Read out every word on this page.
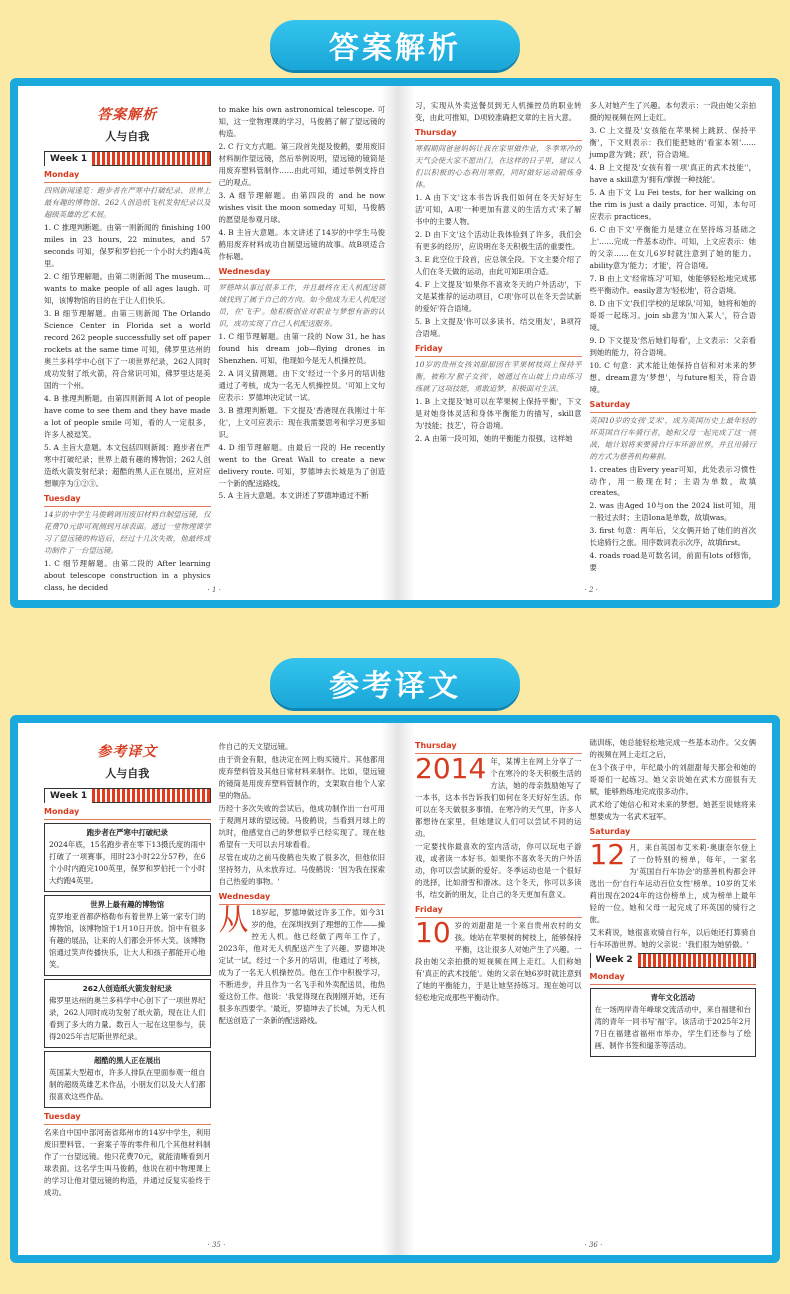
答案解析
答案解析
人与自我
Week 1
Monday

四则新闻速览：跑步者在严寒中打破纪录、世界上最有趣的博物馆、262人创造纸飞机发射纪录以及超级英雄的艺术展。

1. C 推理判断题。由第一则新闻的 finishing 100 miles in 23 hours, 22 minutes, and 57 seconds 可知，保罗和罗伯托一个小时大约跑4英里。

2. C 细节理解题。由第二则新闻 The museum... wants to make people of all ages laugh. 可知，该博物馆的目的在于让人们快乐。

3. B 细节理解题。由第三则新闻 The Orlando Science Center in Florida set a world record 262 people successfully set off paper rockets at the same time 可知，佛罗里达州的奥兰多科学中心创下了一项世界纪录，262人同时成功发射了纸火箭，符合常识可知，佛罗里达是美国的一个州。

4. B 推理判断题。由第四则新闻 A lot of people have come to see them and they have made a lot of people smile 可知，看的人一定很多，许多人被逗笑。

5. A 主旨大意题。本文包括四则新闻：跑步者在严寒中打破纪录；世界上最有趣的博物馆；262人创造纸火箭发射纪录；超酷的黑人正在展出，应对应想顺序为①②③。

Tuesday

14岁的中学生马俊鹤调用废旧材料自制望远镜，仅花费70元即可观测到月球表面。通过一堂物理课学习了望远镜的构造后，经过十几次失败，他最终成功制作了一台望远镜。

1. C 细节理解题。由第二段的 After learning about telescope construction in a physics class, he decided

to make his own astronomical telescope. 可知，这一堂物理课的学习，马俊鹤了解了望远镜的构造。

2. C 行文方式题。第三段首先提及俊鹤，要用废旧材料制作望远镜，然后举例说明，望远镜的镜筒是用废弃塑料管制作……由此可知，通过举例支持自己的观点。

3. A 细节理解题。由第四段的 and he now wishes visit the moon someday 可知，马俊鹤的愿望是参观月球。

4. B 主旨大意题。本文讲述了14岁的中学生马俊鹤用废弃材料成功自制望远镜的故事。故B项适合作标题。

Wednesday

罗德坤从事过很多工作，并且最终在无人机配送领域找到了属于自己的方向。如今他成为无人机配送员，在'飞手'。他积极创业对职业与梦想有新的认识，成功实现了自己人机配送服务。

1. C 细节理解题。由第一段的 Now 31, he has found his dream job—flying drones in Shenzhen. 可知，他现如今是无人机操控员。

2. A 词义猜测题。由下文'经过一个多月的培训他通过了考核，成为一名无人机操控员。'可知上文句应表示：罗德坤决定试一试。

3. B 推理判断题。下文提及'香港现在我刚过十年化'，上文可应表示：现在我需要思考和学习更多知识。

4. D 细节理解题。由最后一段的 He recently went to the Great Wall to create a new delivery route. 可知，罗德坤去长城是为了创造一个新的配送路线。

5. A 主旨大意题。本文讲述了罗德坤通过不断

· 1 ·

习，实现从外卖送餐员到无人机操控员的职业转变，由此可推知，D项较准确把文章的主旨大意。

Thursday

寒假期间爸爸妈妈让我在家里做作业，冬季寒冷的天气会使大家不愿出门，在这样的日子里，建议人们以积极的心态利用寒假，同时做好运动锻炼身体。

1. A 由下文'这本书告诉我们如何在冬天好好生活'可知，A项'一种更加有意义的生活方式'来了解书中的主要人物。

2. D 由下文'这个活动让我体验到了许多，我们会有更多的经历'，应说明在冬天积极生活的重要性。

3. E 此空位于段首，应总领全段。下文主要介绍了人们在冬天做的运动，由此可知E项合适。

4. F 上文提及'如果你不喜欢冬天的户外活动'，下文是某推荐的运动项目，C项'你可以在冬天尝试新的爱好'符合语境。

5. B 上文提及'你可以多读书、结交朋友'，B项符合语境。

Friday

10岁的贵州女孩刘甜甜因在苹果树枝间上保持平衡，被称为'猴子女孩'，她通过在山坡上自由练习练就了这项技能，勇敢追梦，积极面对生活。

1. B 上文提及'她可以在苹果树上保持平衡'，下文是对她身体灵活和身体平衡能力的描写，skill意为'技能；技艺'，符合语境。

2. A 由第一段可知，她的平衡能力很强，这样她

多人对她产生了兴趣。本句表示：一段由她父亲拍摄的短视频在网上走红。

3. C 上文提及'女孩能在苹果树上跳跃、保持平衡'，下文则表示：我们能把她的'看家本领'…… jump意为'跳；跃'，符合语境。

4. B 上文提及'女孩有着一项'真正的武术技能''，have a skill意为'拥有/掌握一种技能'。

5. A 由下文 Lu Fei tests, for her walking on the rim is just a daily practice. 可知，本句可应表示 practices。

6. C 由下文'平衡能力是建立在坚持练习基础之上'……完成一件基本动作。可知，上文应表示：她的父亲……在女儿6岁时就注意到了她的能力。ability意为'能力；才能'，符合语境。

7. B 由上文'经常练习'可知，她能够轻松地完成那些平衡动作。easily意为'轻松地'，符合语境。

8. D 由下文'我们学校的足球队'可知，她将和她的哥哥一起练习。join sb意为'加入某人'，符合语境。

9. D 下文提及'然后她们每看'，上文表示：父亲看到她的能力，符合语境。

10. C 句意：武术能让她保持自信和对未来的梦想。dream意为'梦想'，与future相关，符合语境。

Saturday

英国10岁的女孩'艾米'，成为英国历史上最年轻的环英国自行车骑行者，她和父母一起完成了这一挑战，她计划将来要骑自行车环游世界，并且用骑行的方式为慈善机构募捐。

1. creates 由Every year可知，此处表示习惯性动作，用一般现在时；主语为单数，故填creates。

2. was 由Aged 10与on the 2024 list可知，用一般过去时；主语Iona是单数，故填was。

3. first 句意：两年后，父女俩开始了她们的首次长途骑行之旅。用序数词表示次序，故填first。

4. roads road是可数名词，前面有lots of修饰，要

· 2 ·
参考译文
参考译文
人与自我
Week 1
Monday
跑步者在严寒中打破纪录

2024年底，15名跑步者在零下13摄氏度的雨中打破了一项赛事，用时23小时22分57秒，在6个小时内跑完100英里，保罗和罗伯托一个小时大约跑4英里。

世界上最有趣的博物馆

克罗地亚首都萨格勒布有着世界上第一家专门的博物馆，该博物馆于1月10日开放。馆中有很多有趣的展品，让来的人们都会开怀大笑。该博物馆通过笑声传播快乐，让大人和孩子都能开心地笑。

262人创造纸火箭发射纪录

佛罗里达州的奥兰多科学中心创下了一项世界纪录，262人同时成功发射了纸火箭，现在让人们看到了多大的力量。数百人一起在这里参与，获得2025年吉尼斯世界纪录。

超酷的黑人正在展出

英国某大型超市，许多人排队在里面参观一组自制的超级英雄艺术作品，小朋友们以及大人们都很喜欢这些作品。

Tuesday

名来自中国中部河南省郑州市的14岁中学生，利用废旧塑料管、一套案子等的零件和几个其他材料制作了一台望远镜。他只花费70元，就能清晰看到月球表面。这名学生叫马俊鹤，他说在初中物理课上的学习让他对望远镜的构造，并通过反复实验终于成功。

作自己的天文望远镜。

由于资金有限，他决定在网上购买镜片。其他都用废弃塑料管及其他日常材料来制作。比如，望远镜的镜筒是用废弃塑料管制作的，支架取自他个人家里的物品。

历经十多次失败的尝试后，他成功制作出一台可用于观测月球的望远镜。马俊鹤说，当看到月球上的坑时，他感觉自己的梦想似乎已经实现了。现在他希望有一天可以去月球看看。

尽管在成功之前马俊鹤也失败了很多次，但他依旧坚持努力，从未放弃过。马俊鹤说：'因为我在探索自己热爱的事物。'

Wednesday

从 18岁起，罗德坤做过许多工作。如今31岁的他，在深圳找到了理想的工作——操控无人机。他已经做了两年工作了，2023年，他对无人机配送产生了兴趣。罗德坤决定试一试。经过一个多月的培训，他通过了考核，成为了一名无人机操控员。他在工作中积极学习，不断进步，并且作为一名飞手和外卖配送员，他热爱这份工作。他说：'我觉得现在我刚刚开始，还有很多东西要学。'最近，罗德坤去了长城，为无人机配送创造了一条新的配送路线。

· 35 ·
Thursday

2014 年，某博主在网上分享了一个在寒冷的冬天积极生活的方法，她的母亲鼓励她写了一本书，这本书告诉我们如何在冬天好好生活。你可以在冬天做很多事情。在寒冷的天气里，许多人都想待在家里，但她建议人们可以尝试不同的运动。

一定要找你最喜欢的室内活动，你可以玩电子游戏，或者读一本好书。如果你不喜欢冬天的户外活动，你可以尝试新的爱好。冬季运动也是一个很好的选择，比如滑雪和滑冰。这个冬天，你可以多读书，结交新的朋友，让自己的冬天更加有意义。

Friday

10 岁的刘甜甜是一个来自贵州农村的女孩。她站在苹果树的树枝上，能够保持平衡，这让很多人对她产生了兴趣。一段由她父亲拍摄的短视频在网上走红。人们称她有'真正的武术技能'。她的父亲在她6岁时就注意到了她的平衡能力，于是让她坚持练习。现在她可以轻松地完成那些平衡动作。

础训练，她总能轻松地完成一些基本动作。父女俩的视频在网上走红之后，

在3个孩子中，年纪最小的刘甜甜每天都会和她的哥哥们一起练习。她父亲说她在武术方面很有天赋，能够熟练地完成很多动作。

武术给了她信心和对未来的梦想。她甚至说她将来想要成为一名武术冠军。

Saturday

12 月，来自英国布艾米莉·奥康奈尔登上了一份特别的榜单，每年，一家名为'英国自行车协会'的慈善机构都会评选出一份'自行车运动百位女性'榜单。10岁的艾米莉出现在2024年的这份榜单上，成为榜单上最年轻的一位。她和父母一起完成了环英国的骑行之旅。

艾米莉说，她很喜欢骑自行车，以后她还打算骑自行车环游世界。她的父亲说：'我们很为她骄傲。'

Week 2
Monday
青年文化活动

在一场两岸青年峰球交流活动中，来自福建和台湾的青年一同书写'福'字。该活动于2025年2月7日在福建省福州市举办，学生们还参与了绘画、制作书签和遛茶等活动。

· 36 ·
